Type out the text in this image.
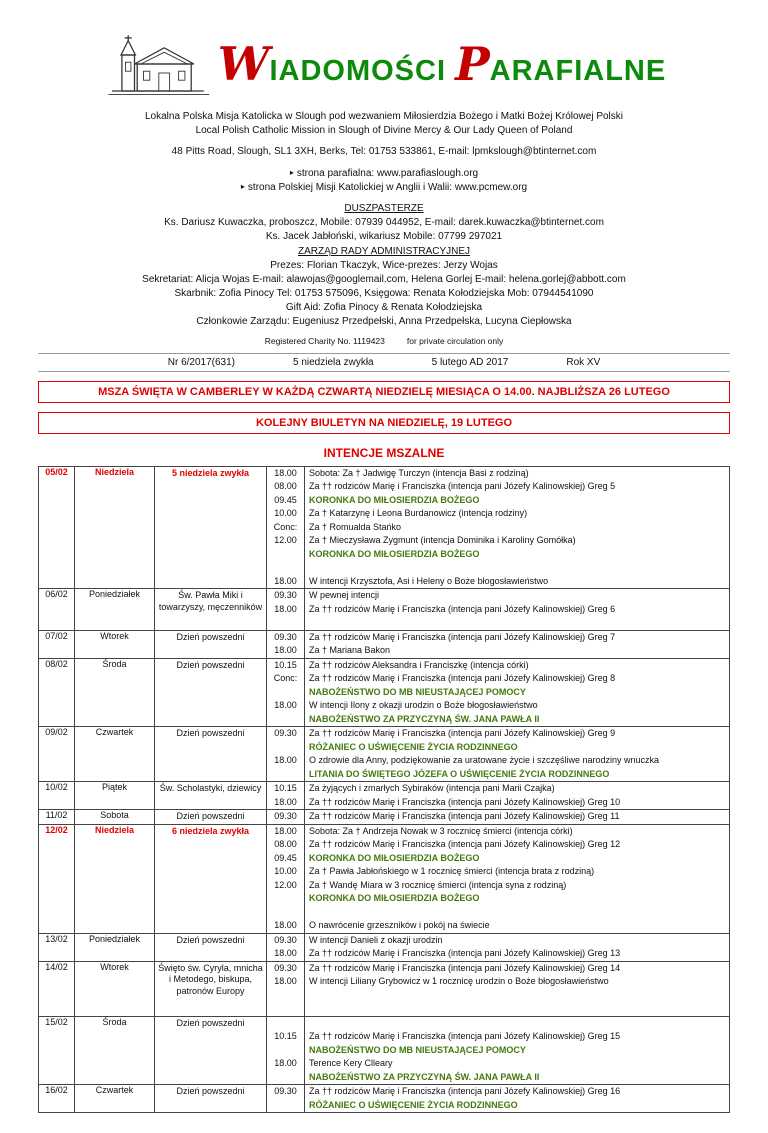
WIADOMOŚCI PARAFIALNE
Lokalna Polska Misja Katolicka w Slough pod wezwaniem Miłosierdzia Bożego i Matki Bożej Królowej Polski
Local Polish Catholic Mission in Slough of Divine Mercy & Our Lady Queen of Poland
48 Pitts Road, Slough, SL1 3XH, Berks, Tel: 01753 533861, E-mail: lpmkslough@btinternet.com
▸ strona parafialna: www.parafiaslough.org
▸ strona Polskiej Misji Katolickiej w Anglii i Walii: www.pcmew.org
DUSZPASTERZE
Ks. Dariusz Kuwaczka, proboszcz, Mobile: 07939 044952, E-mail: darek.kuwaczka@btinternet.com
Ks. Jacek Jabłoński, wikariusz Mobile: 07799 297021
ZARZĄD RADY ADMINISTRACYJNEJ
Prezes: Florian Tkaczyk, Wice-prezes: Jerzy Wojas
Sekretariat: Alicja Wojas E-mail: alawojas@googlemail.com, Helena Gorlej E-mail: helena.gorlej@abbott.com
Skarbnik: Zofia Pinocy Tel: 01753 575096, Księgowa: Renata Kołodziejska Mob: 07944541090
Gift Aid: Zofia Pinocy & Renata Kołodziejska
Członkowie Zarządu: Eugeniusz Przedpełski, Anna Przedpełska, Lucyna Ciepłowska
Registered Charity No. 1119423	for private circulation only
Nr 6/2017(631)	5 niedziela zwykła	5 lutego AD 2017	Rok XV
MSZA ŚWIĘTA W CAMBERLEY W KAŻDĄ CZWARTĄ NIEDZIELĘ MIESIĄCA O 14.00. NAJBLIŻSZA 26 LUTEGO
KOLEJNY BIULETYN NA NIEDZIELĘ, 19 LUTEGO
INTENCJE MSZALNE
05/02	Niedziela	5 niedziela zwykła	18.00	Sobota: Za † Jadwigę Turczyn (intencja Basi z rodziną)
			08.00	Za †† rodziców Marię i Franciszka (intencja pani Józefy Kalinowskiej) Greg 5
			09.45	KORONKA DO MIŁOSIERDZIA BOŻEGO
			10.00	Za † Katarzynę i Leona Burdanowicz (intencja rodziny)
			Conc:	Za † Romualda Stańko
			12.00	Za † Mieczysława Zygmunt (intencja Dominika i Karoliny Gomółka)
				KORONKA DO MIŁOSIERDZIA BOŻEGO

			18.00	W intencji Krzysztofa, Asi i Heleny o Boże błogosławieństwo
06/02	Poniedziałek	Św. Pawła Miki i towarzyszy, męczenników	09.30	W pewnej intencji
			18.00	Za †† rodziców Marię i Franciszka (intencja pani Józefy Kalinowskiej) Greg 6

07/02	Wtorek	Dzień powszedni	09.30	Za †† rodziców Marię i Franciszka (intencja pani Józefy Kalinowskiej) Greg 7
			18.00	Za † Mariana Bakon
08/02	Środa	Dzień powszedni	10.15	Za †† rodziców Aleksandra i Franciszkę (intencja córki)
			Conc:	Za †† rodziców Marię i Franciszka (intencja pani Józefy Kalinowskiej) Greg 8
				NABOŻEŃSTWO DO MB NIEUSTAJĄCEJ POMOCY
			18.00	W intencji Ilony z okazji urodzin o Boże błogosławieństwo
				NABOŻEŃSTWO ZA PRZYCZYNĄ ŚW. JANA PAWŁA II
09/02	Czwartek	Dzień powszedni	09.30	Za †† rodziców Marię i Franciszka (intencja pani Józefy Kalinowskiej) Greg 9
				RÓŻANIEC O UŚWIĘCENIE ŻYCIA RODZINNEGO
			18.00	O zdrowie dla Anny, podziękowanie za uratowane życie i szczęśliwe narodziny wnuczka
				LITANIA DO ŚWIĘTEGO JÓZEFA O UŚWIĘCENIE ŻYCIA RODZINNEGO
10/02	Piątek	Św. Scholastyki, dziewicy	10.15	Za żyjących i zmarłych Sybiraków (intencja pani Marii Czajka)
			18.00	Za †† rodziców Marię i Franciszka (intencja pani Józefy Kalinowskiej) Greg 10
11/02	Sobota	Dzień powszedni	09.30	Za †† rodziców Marię i Franciszka (intencja pani Józefy Kalinowskiej) Greg 11
12/02	Niedziela	6 niedziela zwykła	18.00	Sobota: Za † Andrzeja Nowak w 3 rocznicę śmierci (intencja córki)
			08.00	Za †† rodziców Marię i Franciszka (intencja pani Józefy Kalinowskiej) Greg 12
			09.45	KORONKA DO MIŁOSIERDZIA BOŻEGO
			10.00	Za † Pawła Jabłońskiego w 1 rocznicę śmierci (intencja brata z rodziną)
			12.00	Za † Wandę Miara w 3 rocznicę śmierci (intencja syna z rodziną)
				KORONKA DO MIŁOSIERDZIA BOŻEGO

			18.00	O nawrócenie grzeszników i pokój na świecie
13/02	Poniedziałek	Dzień powszedni	09.30	W intencji Danieli z okazji urodzin
			18.00	Za †† rodziców Marię i Franciszka (intencja pani Józefy Kalinowskiej) Greg 13
14/02	Wtorek	Święto św. Cyryla, mnicha i Metodego, biskupa, patronów Europy	09.30	Za †† rodziców Marię i Franciszka (intencja pani Józefy Kalinowskiej) Greg 14
			18.00	W intencji Liliany Grybowicz w 1 rocznicę urodzin o Boże błogosławieństwo

15/02	Środa	Dzień powszedni		
			10.15	Za †† rodziców Marię i Franciszka (intencja pani Józefy Kalinowskiej) Greg 15
				NABOŻEŃSTWO DO MB NIEUSTAJĄCEJ POMOCY
			18.00	Terence Kery Clleary
				NABOŻEŃSTWO ZA PRZYCZYNĄ ŚW. JANA PAWŁA II
16/02	Czwartek	Dzień powszedni	09.30	Za †† rodziców Marię i Franciszka (intencja pani Józefy Kalinowskiej) Greg 16
				RÓŻANIEC O UŚWIĘCENIE ŻYCIA RODZINNEGO
